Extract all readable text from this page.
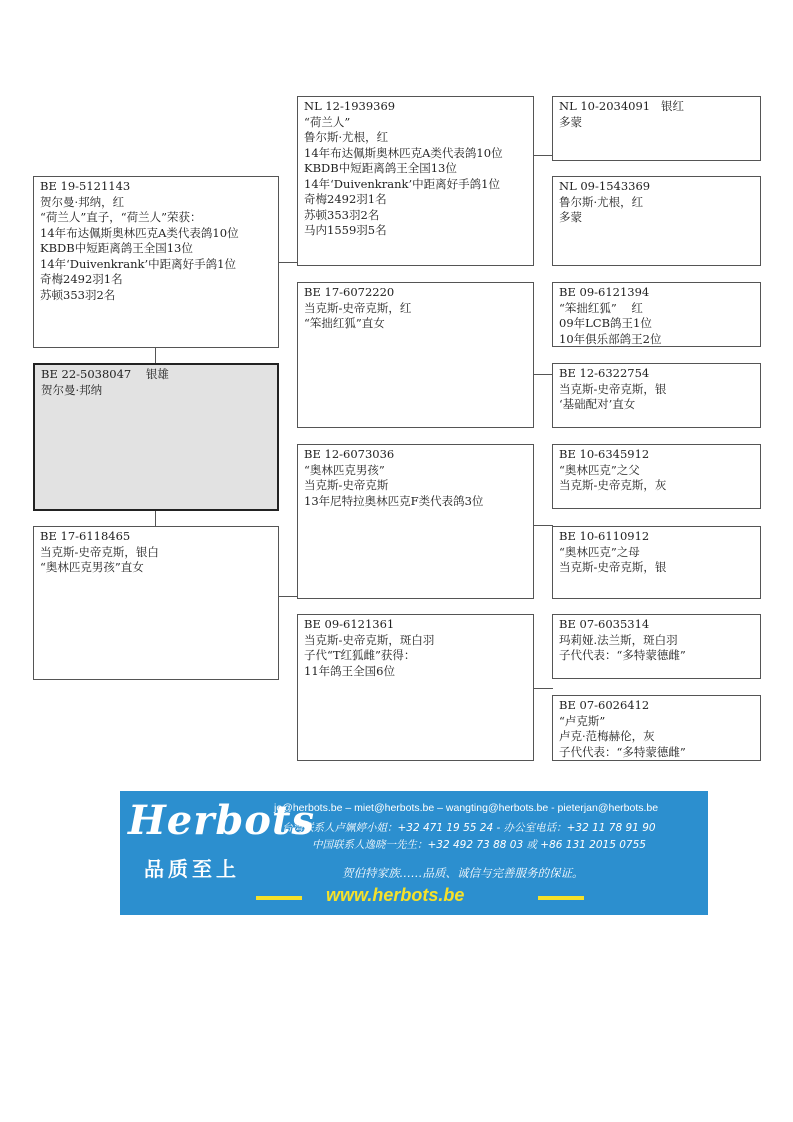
BE 19-5121143
贺尔曼·邦纳，红
“荷兰人”直子，“荷兰人”荣获：
14年布达佩斯奥林匹克A类代表鸽10位
KBDB中短距离鸽王全国13位
14年‘Duivenkrank’中距离好手鸽1位
奇梅2492羽1名
苏顿353羽2名
BE 22-5038047    银雄
贺尔曼·邦纳
BE 17-6118465
当克斯-史帝克斯，银白
“奥林匹克男孩”直女
NL 12-1939369
“荷兰人”
鲁尔斯·尤根，红
14年布达佩斯奥林匹克A类代表鸽10位
KBDB中短距离鸽王全国13位
14年‘Duivenkrank’中距离好手鸽1位
奇梅2492羽1名
苏顿353羽2名
马内1559羽5名
BE 17-6072220
当克斯-史帝克斯，红
“笨拙红狐”直女
BE 12-6073036
“奥林匹克男孩”
当克斯-史帝克斯
13年尼特拉奥林匹克F类代表鸽3位
BE 09-6121361
当克斯-史帝克斯，斑白羽
子代“T红狐雌”获得：
11年鸽王全国6位
NL 10-2034091   银红
多蒙
NL 09-1543369
鲁尔斯·尤根，红
多蒙
BE 09-6121394
“笨拙红狐”    红
09年LCB鸽王1位
10年俱乐部鸽王2位
BE 12-6322754
当克斯-史帝克斯，银
‘基础配对’直女
BE 10-6345912
“奥林匹克”之父
当克斯-史帝克斯，灰
BE 10-6110912
“奥林匹克”之母
当克斯-史帝克斯，银
BE 07-6035314
玛莉娅.法兰斯，斑白羽
子代代表：“多特蒙德雌”
BE 07-6026412
“卢克斯”
卢克·范梅赫伦，灰
子代代表：“多特蒙德雌”
Herbots
品质至上
jo@herbots.be – miet@herbots.be – wangting@herbots.be - pieterjan@herbots.be
台湾联系人卢姵婷小姐：+32 471 19 55 24 - 办公室电话：+32 11 78 91 90
中国联系人逸晓一先生：+32 492 73 88 03 或 +86 131 2015 0755
贺伯特家族……品质、诚信与完善服务的保证。
www.herbots.be
